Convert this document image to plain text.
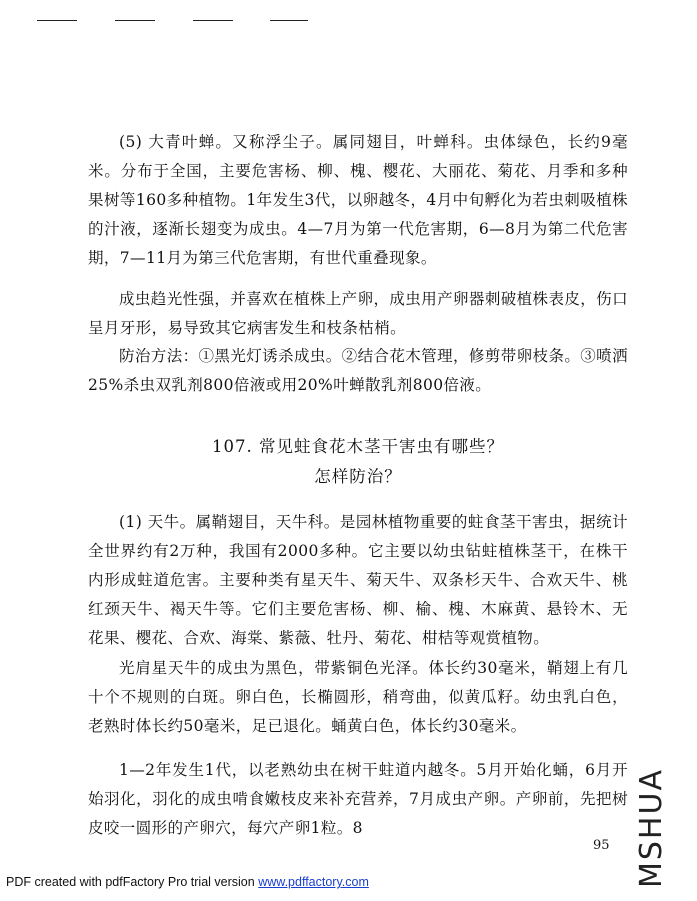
(5) 大青叶蝉。又称浮尘子。属同翅目，叶蝉科。虫体绿色，长约9毫米。分布于全国，主要危害杨、柳、槐、樱花、大丽花、菊花、月季和多种果树等160多种植物。1年发生3代，以卵越冬，4月中旬孵化为若虫刺吸植株的汁液，逐渐长翅变为成虫。4—7月为第一代危害期，6—8月为第二代危害期，7—11月为第三代危害期，有世代重叠现象。

成虫趋光性强，并喜欢在植株上产卵，成虫用产卵器刺破植株表皮，伤口呈月牙形，易导致其它病害发生和枝条枯梢。

防治方法：①黑光灯诱杀成虫。②结合花木管理，修剪带卵枝条。③喷洒25%杀虫双乳剂800倍液或用20%叶蝉散乳剂800倍液。

107. 常见蛀食花木茎干害虫有哪些？
怎样防治？

(1) 天牛。属鞘翅目，天牛科。是园林植物重要的蛀食茎干害虫，据统计全世界约有2万种，我国有2000多种。它主要以幼虫钻蛀植株茎干，在株干内形成蛀道危害。主要种类有星天牛、菊天牛、双条杉天牛、合欢天牛、桃红颈天牛、褐天牛等。它们主要危害杨、柳、榆、槐、木麻黄、悬铃木、无花果、樱花、合欢、海棠、紫薇、牡丹、菊花、柑桔等观赏植物。

光肩星天牛的成虫为黑色，带紫铜色光泽。体长约30毫米，鞘翅上有几十个不规则的白斑。卵白色，长椭圆形，稍弯曲，似黄瓜籽。幼虫乳白色，老熟时体长约50毫米，足已退化。蛹黄白色，体长约30毫米。

1—2年发生1代，以老熟幼虫在树干蛀道内越冬。5月开始化蛹，6月开始羽化，羽化的成虫啃食嫩枝皮来补充营养，7月成虫产卵。产卵前，先把树皮咬一圆形的产卵穴，每穴产卵1粒。8

95
PDF created with pdfFactory Pro trial version www.pdffactory.com	MSHUA
